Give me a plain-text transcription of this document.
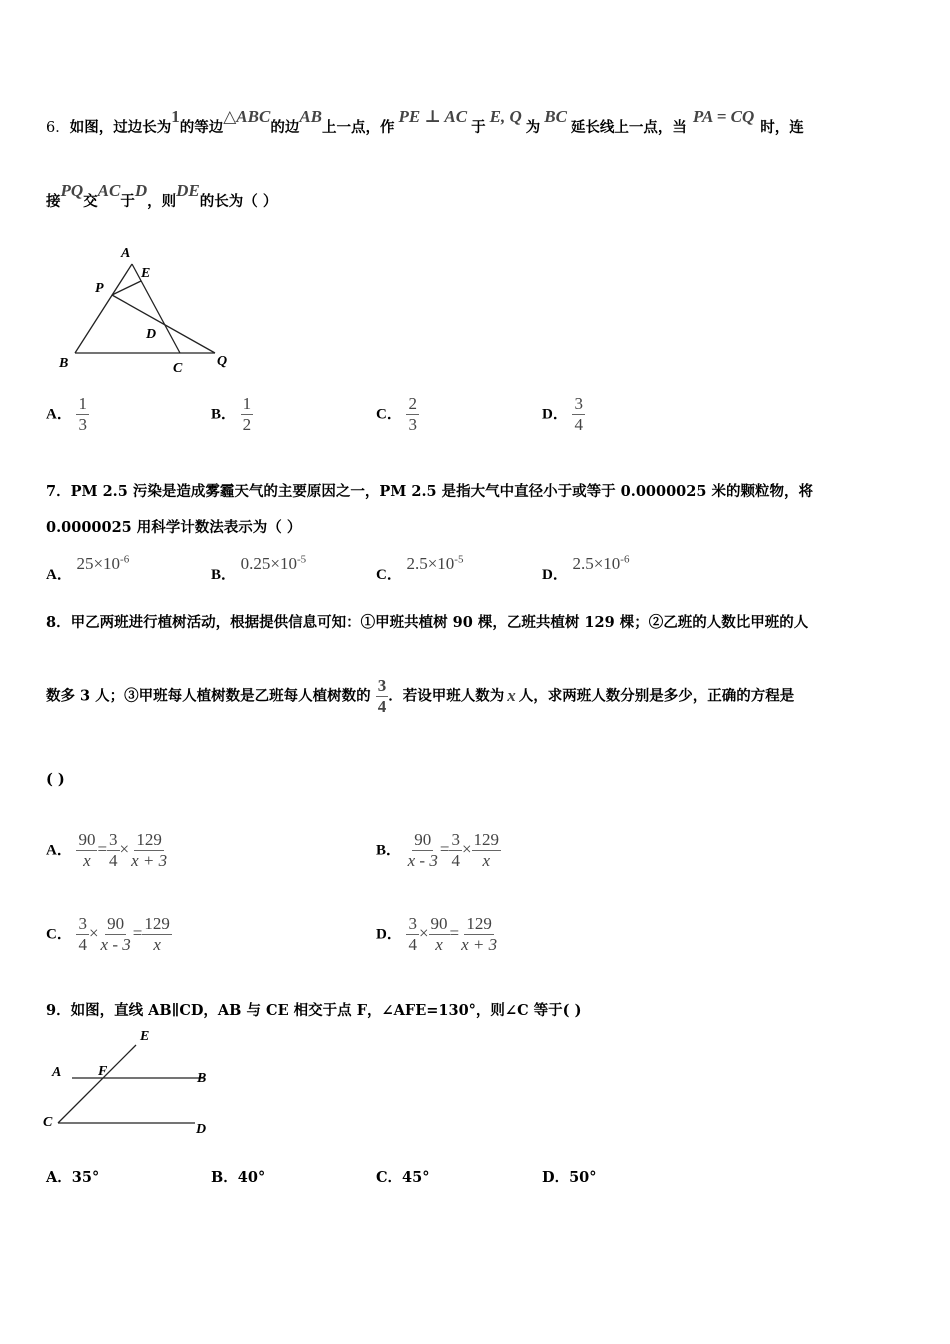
6．如图，过边长为1的等边△ABC的边AB上一点，作PE ⊥ AC于E, Q为BC延长线上一点，当PA = CQ时，连
接PQ交AC于D，则DE的长为（ ）
A
E
P
D
B	C Q
A． $\frac{1}{3}$	B． $\frac{1}{2}$	C． $\frac{2}{3}$	D． $\frac{3}{4}$
7．PM 2.5 污染是造成雾霾天气的主要原因之一，PM 2.5 是指大气中直径小于或等于 0.0000025 米的颗粒物，将
0.0000025 用科学计数法表示为（ ）
A． $25\times 10^{-6}$
B． $0.25\times 10^{-5}$
C． $2.5\times 10^{-5}$
D． $2.5\times 10^{-6}$
8．甲乙两班进行植树活动，根据提供信息可知：①甲班共植树 90 棵，乙班共植树 129 棵；②乙班的人数比甲班的人
数多 3 人；③甲班每人植树数是乙班每人植树数的 $\frac{3}{4}$ ．若设甲班人数为 x 人，求两班人数分别是多少，正确的方程是
( )
A． $\frac{90}{x} = \frac{3}{4} \times \frac{129}{x + 3}$	B． $\frac{90}{x - 3} = \frac{3}{4} \times \frac{129}{x}$
C． $\frac{3}{4} \times \frac{90}{x - 3} = \frac{129}{x}$	D． $\frac{3}{4} \times \frac{90}{x} = \frac{129}{x + 3}$
9．如图，直线 AB∥CD，AB 与 CE 相交于点 F，∠AFE=130°，则∠C 等于( )
E
A	F	B
C	D
A．35°	B．40°	C．45°	D．50°
